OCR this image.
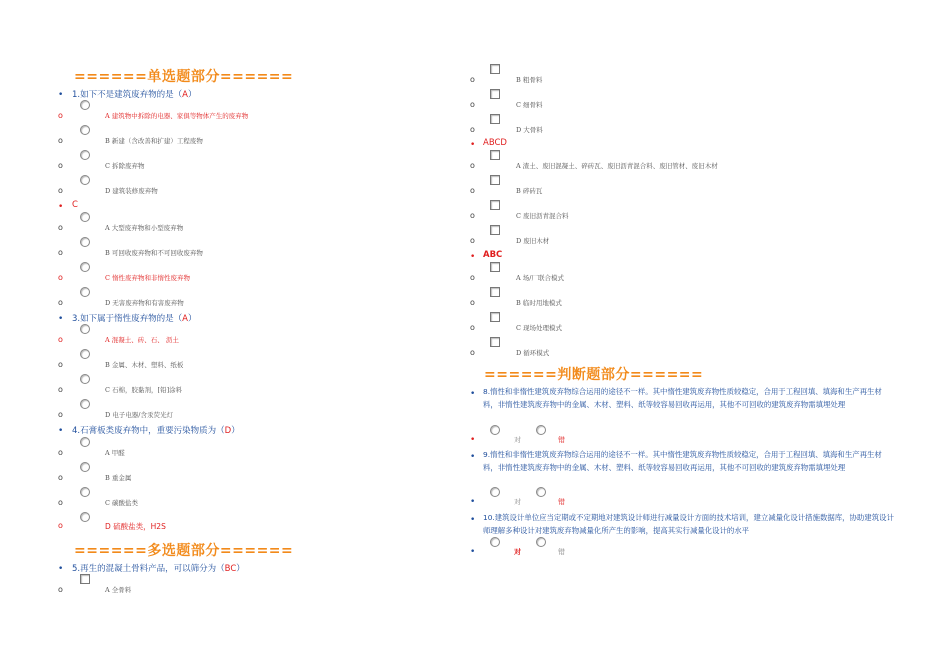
======单选题部分======
• 1.如下不是建筑废弃物的是（A）
o	A 建筑物中拆除的电器、家俱等物体产生的废弃物
o	B 新建（含改善和扩建）工程废物
o	C 拆除废弃物
o	D 建筑装修废弃物
• C
o	A 大型废弃物和小型废弃物
o	B 可回收废弃物和不可回收废弃物
o	C 惰性废弃物和非惰性废弃物
o	D 无害废弃物和有害废弃物
• 3.如下属于惰性废弃物的是（A）
o	A 混凝土、砖、石、 沥土
o	B 金属、木材、塑料、纸板
o	C 石棉，胶黏剂，[铅]涂料
o	D 电子电器/含汞荧光灯
• 4.石膏板类废弃物中，重要污染物质为（D）
o	A 甲醛
o	B 重金属
o	C 碳酸盐类
o	D 硫酸盐类，H2S
======多选题部分======
• 5.再生的混凝土骨料产品，可以筛分为（BC）
o	A 全骨料
o	B 粗骨料
o	C 细骨料
o	D 大骨料
• ABCD
o	A 渣土、废旧混凝土、碎砖瓦、废旧沥青混合料、废旧管材、废旧木材
o	B 碎砖瓦
o	C 废旧沥青混合料
o	D 废旧木材
• ABC
o	A 场/厂联合模式
o	B 临时用地模式
o	C 现场处理模式
o	D 循环模式
======判断题部分======
• 8.惰性和非惰性建筑废弃物综合运用的途径不一样。其中惰性建筑废弃物性质较稳定，合用于工程回填、填海和生产再生材料，非惰性建筑废弃物中的金属、木材、塑料、纸等较容易回收再运用，其他不可回收的建筑废弃物需填埋处理
•	对	错
• 9.惰性和非惰性建筑废弃物综合运用的途径不一样。其中惰性建筑废弃物性质较稳定，合用于工程回填、填海和生产再生材料，非惰性建筑废弃物中的金属、木材、塑料、纸等较容易回收再运用，其他不可回收的建筑废弃物需填埋处理
•	对	错
• 10.建筑设计单位应当定期或不定期地对建筑设计师进行减量设计方面的技术培训，建立减量化设计措施数据库，协助建筑设计师理解多种设计对建筑废弃物减量化所产生的影响，提高其实行减量化设计的水平
•	对	错
